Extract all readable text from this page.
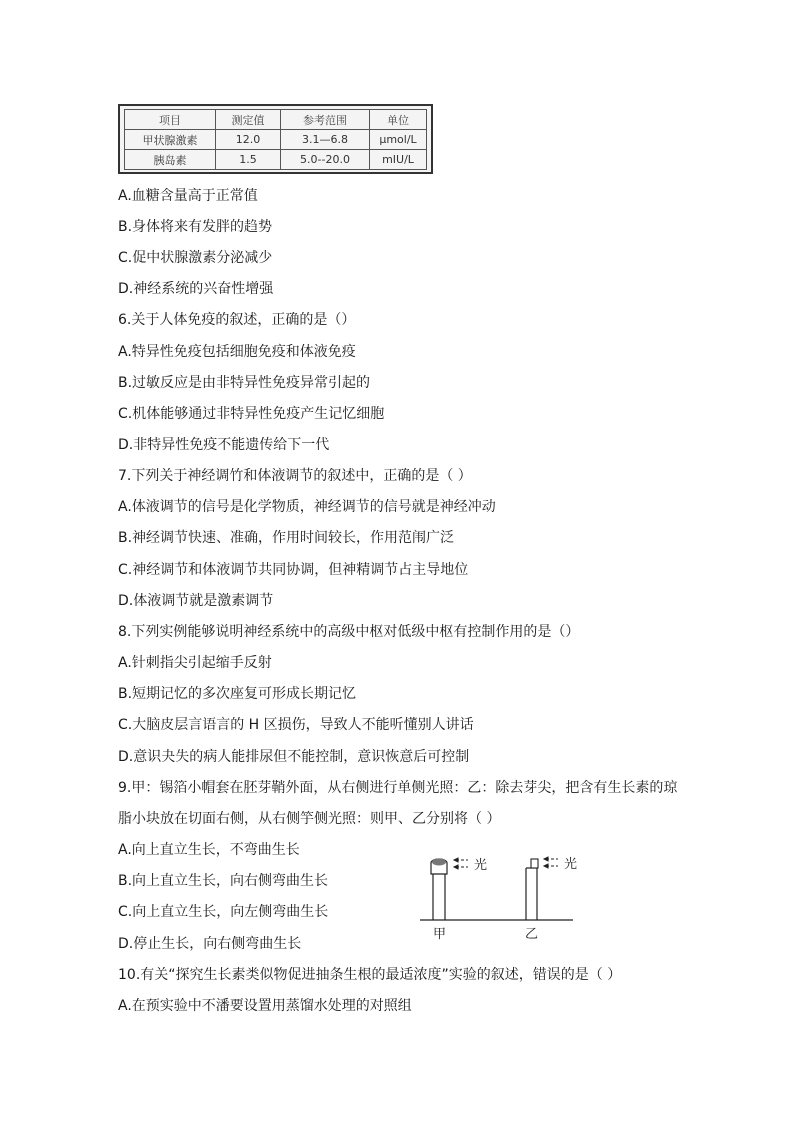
项目	测定值	参考范围	单位
甲状腺激素	12.0	3.1—6.8	μmol/L
胰岛素	1.5	5.0--20.0	mIU/L
A.血糖含量高于正常值
B.身体将来有发胖的趋势
C.促中状腺激素分泌减少
D.神经系统的兴奋性增强
6.关于人体免疫的叙述，正确的是（）
A.特异性免疫包括细胞免疫和体液免疫
B.过敏反应是由非特异性免疫异常引起的
C.机体能够通过非特异性免疫产生记忆细胞
D.非特异性免疫不能遗传给下一代
7.下列关于神经调竹和体液调节的叙述中，正确的是（ ）
A.体液调节的信号是化学物质，神经调节的信号就是神经冲动
B.神经调节快速、准确，作用时间较长，作用范闱广泛
C.神经调节和体液调节共同协调，但神精调节占主导地位
D.体液调节就是激素调节
8.下列实例能够说明神经系统中的高级中枢对低级中枢有控制作用的是（）
A.针刺指尖引起缩手反射
B.短期记忆的多次座复可形成长期记忆
C.大脑皮层言语言的 H 区损伤，导致人不能听懂别人讲话
D.意识夬失的病人能排尿但不能控制，意识恢意后可控制
9.甲：锡箔小帽套在胚芽鞘外面，从右侧进行单侧光照：乙：除去芽尖，把含有生长素的琼
脂小块放在切面右侧，从右侧竽侧光照：则甲、乙分别将（ ）
A.向上直立生长，不弯曲生长
B.向上直立生长，向右侧弯曲生长
C.向上直立生长，向左侧弯曲生长
D.停止生长，向右侧弯曲生长
10.有关“探究生长素类似物促进抽条生根的最适浓度”实验的叙述，错误的是（ ）
A.在预实验中不潘要设置用蒸馏水处理的对照组
光	光
甲	乙
